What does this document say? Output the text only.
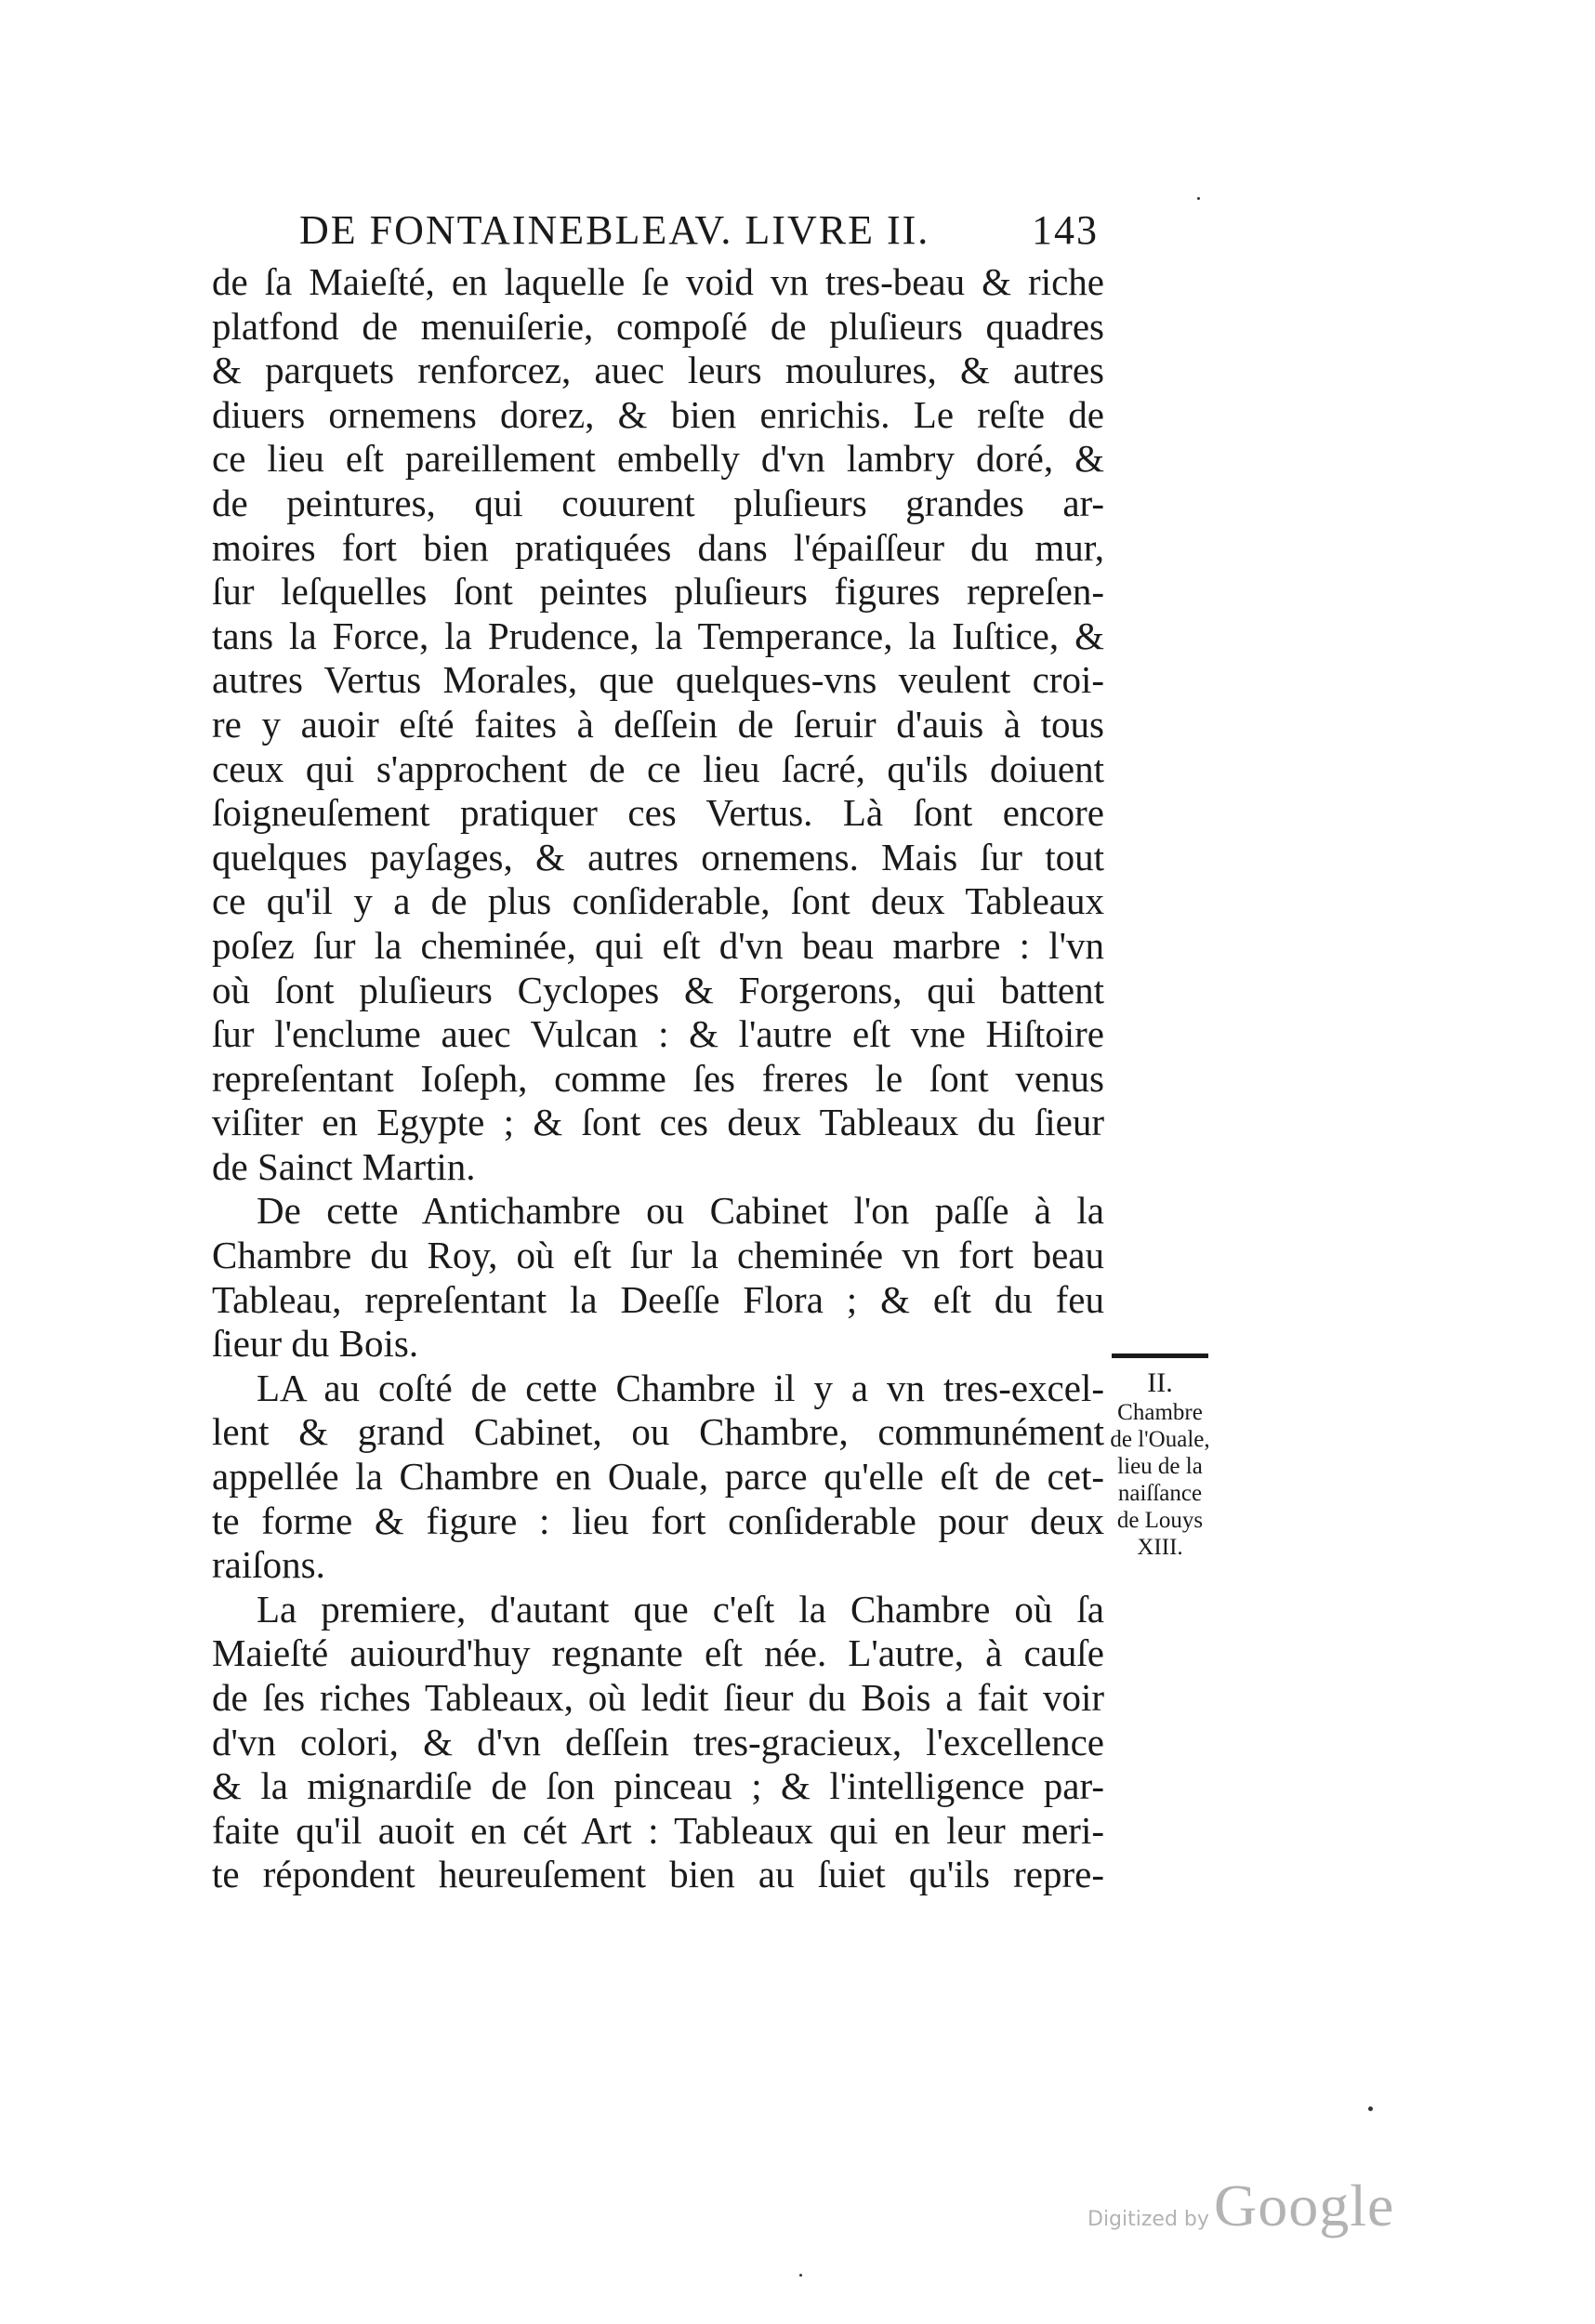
DE FONTAINEBLEAV. LIVRE II. 143
de ſa Maieſté, en laquelle ſe void vn tres-beau & riche
platfond de menuiſerie, compoſé de pluſieurs quadres
& parquets renforcez, auec leurs moulures, & autres
diuers ornemens dorez, & bien enrichis. Le reſte de
ce lieu eſt pareillement embelly d'vn lambry doré, &
de peintures, qui couurent pluſieurs grandes ar-
moires fort bien pratiquées dans l'épaiſſeur du mur,
ſur leſquelles ſont peintes pluſieurs figures repreſen-
tans la Force, la Prudence, la Temperance, la Iuſtice, &
autres Vertus Morales, que quelques-vns veulent croi-
re y auoir eſté faites à deſſein de ſeruir d'auis à tous
ceux qui s'approchent de ce lieu ſacré, qu'ils doiuent
ſoigneuſement pratiquer ces Vertus. Là ſont encore
quelques payſages, & autres ornemens. Mais ſur tout
ce qu'il y a de plus conſiderable, ſont deux Tableaux
poſez ſur la cheminée, qui eſt d'vn beau marbre : l'vn
où ſont pluſieurs Cyclopes & Forgerons, qui battent
ſur l'enclume auec Vulcan : & l'autre eſt vne Hiſtoire
repreſentant Ioſeph, comme ſes freres le ſont venus
viſiter en Egypte ; & ſont ces deux Tableaux du ſieur
de Sainct Martin.
De cette Antichambre ou Cabinet l'on paſſe à la
Chambre du Roy, où eſt ſur la cheminée vn fort beau
Tableau, repreſentant la Deeſſe Flora ; & eſt du feu
ſieur du Bois.
LA au coſté de cette Chambre il y a vn tres-excel-
lent & grand Cabinet, ou Chambre, communément
appellée la Chambre en Ouale, parce qu'elle eſt de cet-
te forme & figure : lieu fort conſiderable pour deux
raiſons.
La premiere, d'autant que c'eſt la Chambre où ſa
Maieſté auiourd'huy regnante eſt née. L'autre, à cauſe
de ſes riches Tableaux, où ledit ſieur du Bois a fait voir
d'vn colori, & d'vn deſſein tres-gracieux, l'excellence
& la mignardiſe de ſon pinceau ; & l'intelligence par-
faite qu'il auoit en cét Art : Tableaux qui en leur meri-
te répondent heureuſement bien au ſuiet qu'ils repre-
II.
Chambre
de l'Ouale,
lieu de la
naiſſance
de Louys
XIII.
Digitized by Google
